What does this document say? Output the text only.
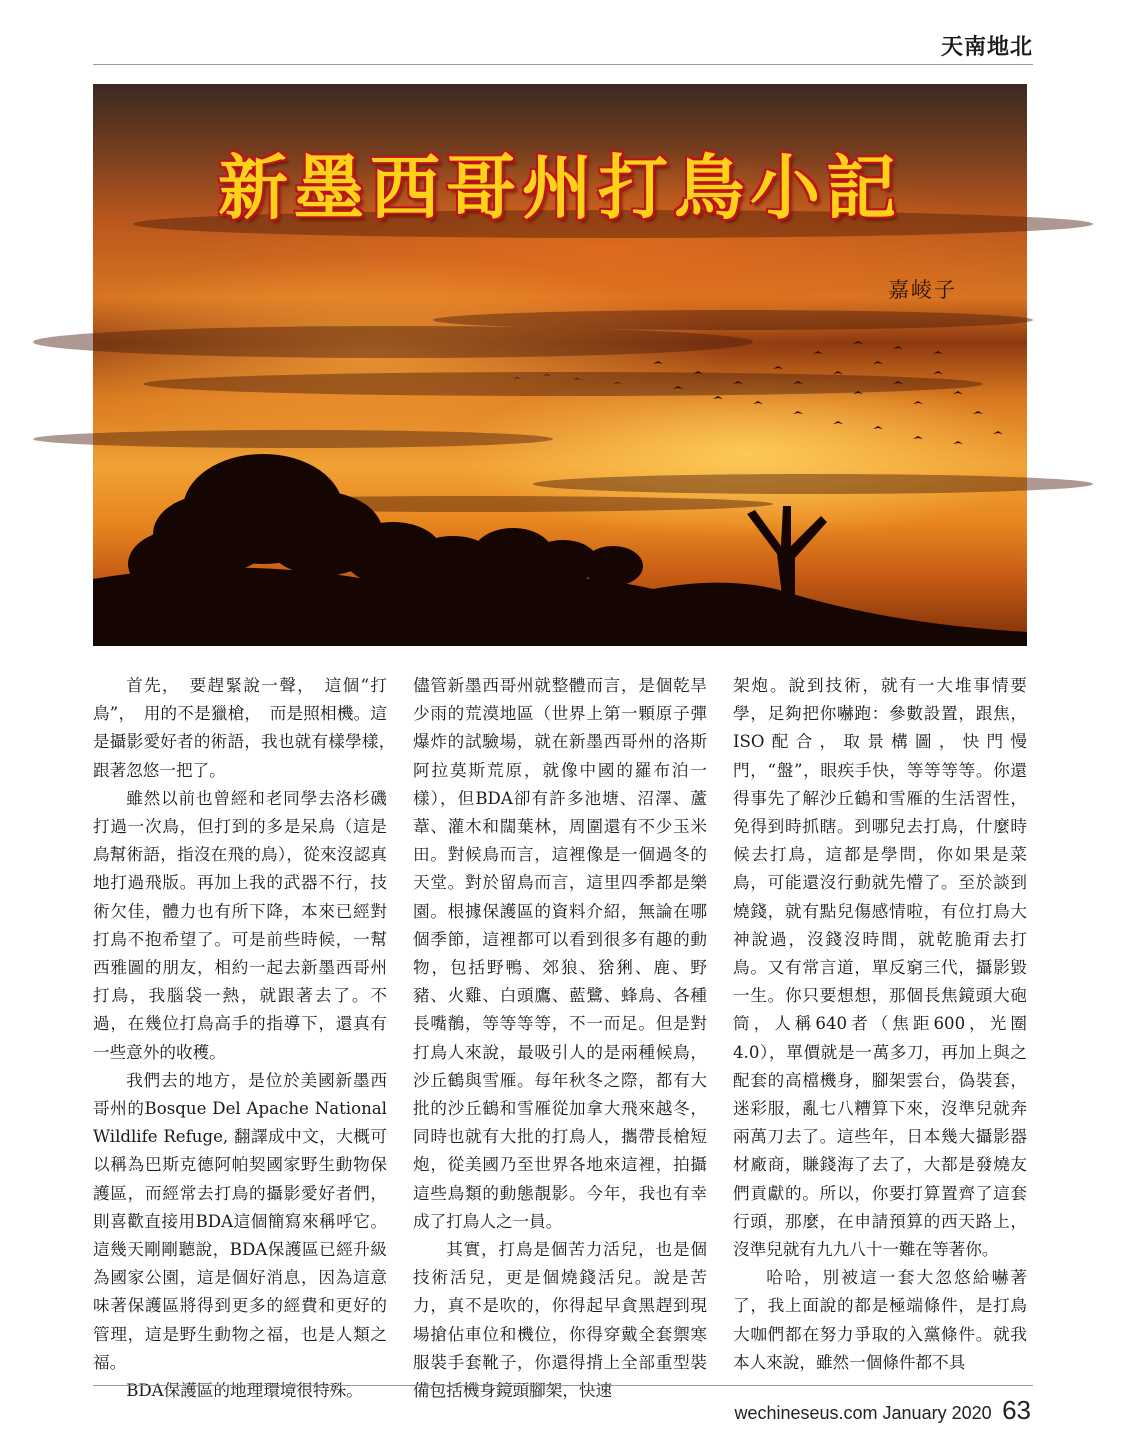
天南地北
新墨西哥州打鳥小記
嘉崚子

首先，　要趕緊說一聲，　這個“打鳥”，　用的不是獵槍，　而是照相機。這是攝影愛好者的術語，我也就有樣學樣，　跟著忽悠一把了。

雖然以前也曾經和老同學去洛杉磯打過一次鳥，但打到的多是呆鳥（這是鳥幫術語，指沒在飛的鳥），從來沒認真地打過飛版。再加上我的武器不行，技術欠佳，體力也有所下降，本來已經對打鳥不抱希望了。可是前些時候，一幫西雅圖的朋友，相約一起去新墨西哥州打鳥，我腦袋一熱，就跟著去了。不過，在幾位打鳥高手的指導下，還真有一些意外的收穫。

我們去的地方，是位於美國新墨西哥州的Bosque Del Apache National Wildlife Refuge, 翻譯成中文，大概可以稱為巴斯克德阿帕契國家野生動物保護區，而經常去打鳥的攝影愛好者們，則喜歡直接用BDA這個簡寫來稱呼它。這幾天剛剛聽說，BDA保護區已經升級為國家公園，這是個好消息，因為這意味著保護區將得到更多的經費和更好的管理，這是野生動物之福，也是人類之福。

BDA保護區的地理環境很特殊。

儘管新墨西哥州就整體而言，是個乾旱少雨的荒漠地區（世界上第一顆原子彈爆炸的試驗場，就在新墨西哥州的洛斯阿拉莫斯荒原，就像中國的羅布泊一樣），但BDA卻有許多池塘、沼澤、蘆葦、灌木和闊葉林，周圍還有不少玉米田。對候鳥而言，這裡像是一個過冬的天堂。對於留鳥而言，這里四季都是樂園。根據保護區的資料介紹，無論在哪個季節，這裡都可以看到很多有趣的動物，包括野鴨、郊狼、猞猁、鹿、野豬、火雞、白頭鷹、藍鷺、蜂鳥、各種長嘴鶺，等等等等，不一而足。但是對打鳥人來說，最吸引人的是兩種候鳥，沙丘鶴與雪雁。每年秋冬之際，都有大批的沙丘鶴和雪雁從加拿大飛來越冬，同時也就有大批的打鳥人，攜帶長槍短炮，從美國乃至世界各地來這裡，拍攝這些鳥類的動態靚影。今年，我也有幸成了打鳥人之一員。

其實，打鳥是個苦力活兒，也是個技術活兒，更是個燒錢活兒。說是苦力，真不是吹的，你得起早貪黑趕到現場搶佔車位和機位，你得穿戴全套禦寒服裝手套靴子，你還得揹上全部重型裝備包括機身鏡頭腳架，快速

架炮。說到技術，就有一大堆事情要學，足夠把你嚇跑：參數設置，跟焦，ISO配合，取景構圖，快門慢門，“盤”，眼疾手快，等等等等。你還得事先了解沙丘鶴和雪雁的生活習性，免得到時抓瞎。到哪兒去打鳥，什麼時候去打鳥，這都是學問，你如果是菜鳥，可能還沒行動就先懵了。至於談到燒錢，就有點兒傷感情啦，有位打鳥大神說過，沒錢沒時間，就乾脆甭去打鳥。又有常言道，單反窮三代，攝影毀一生。你只要想想，那個長焦鏡頭大砲筒，人稱640者（焦距600，光圈4.0），單價就是一萬多刀，再加上與之配套的高檔機身，腳架雲台，偽裝套，迷彩服，亂七八糟算下來，沒準兒就奔兩萬刀去了。這些年，日本幾大攝影器材廠商，賺錢海了去了，大都是發燒友們貢獻的。所以，你要打算置齊了這套行頭，那麼，在申請預算的西天路上，沒準兒就有九九八十一難在等著你。

哈哈，別被這一套大忽悠給嚇著了，我上面說的都是極端條件，是打鳥大咖們都在努力爭取的入黨條件。就我本人來說，雖然一個條件都不具

wechineseus.com January 2020 63
